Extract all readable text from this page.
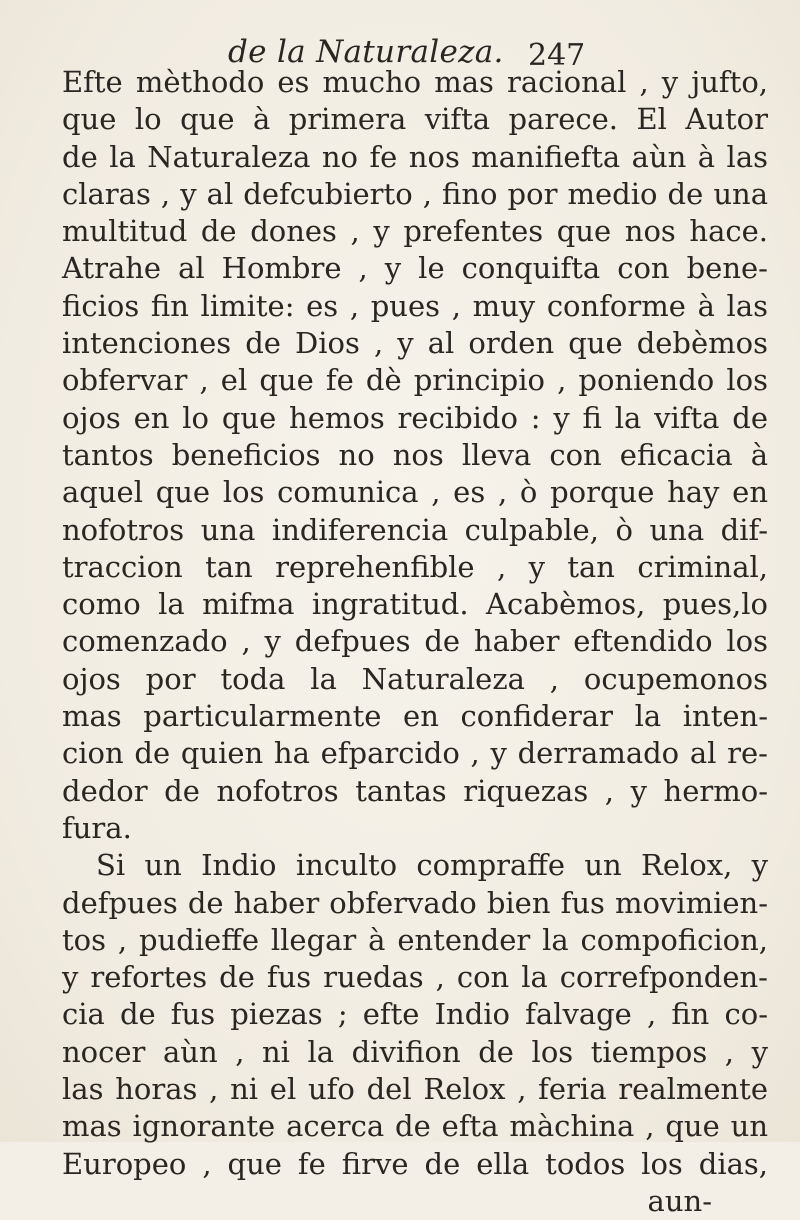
de la Naturaleza. 247
Efte mèthodo es mucho mas racional , y jufto,
que lo que à primera vifta parece. El Autor
de la Naturaleza no fe nos manifiefta aùn à las
claras , y al defcubierto , fino por medio de una
multitud de dones , y prefentes que nos hace.
Atrahe al Hombre , y le conquifta con bene-
ficios fin limite: es , pues , muy conforme à las
intenciones de Dios , y al orden que debèmos
obfervar , el que fe dè principio , poniendo los
ojos en lo que hemos recibido : y fi la vifta de
tantos beneficios no nos lleva con eficacia à
aquel que los comunica , es , ò porque hay en
nofotros una indiferencia culpable, ò una dif-
traccion tan reprehenfible , y tan criminal,
como la mifma ingratitud. Acabèmos, pues,lo
comenzado , y defpues de haber eftendido los
ojos por toda la Naturaleza , ocupemonos
mas particularmente en confiderar la inten-
cion de quien ha efparcido , y derramado al re-
dedor de nofotros tantas riquezas , y hermo-
fura.
Si un Indio inculto compraffe un Relox, y
defpues de haber obfervado bien fus movimien-
tos , pudieffe llegar à entender la compoficion,
y refortes de fus ruedas , con la correfponden-
cia de fus piezas ; efte Indio falvage , fin co-
nocer aùn , ni la divifion de los tiempos , y
las horas , ni el ufo del Relox , feria realmente
mas ignorante acerca de efta màchina , que un
Europeo , que fe firve de ella todos los dias,
aun-
